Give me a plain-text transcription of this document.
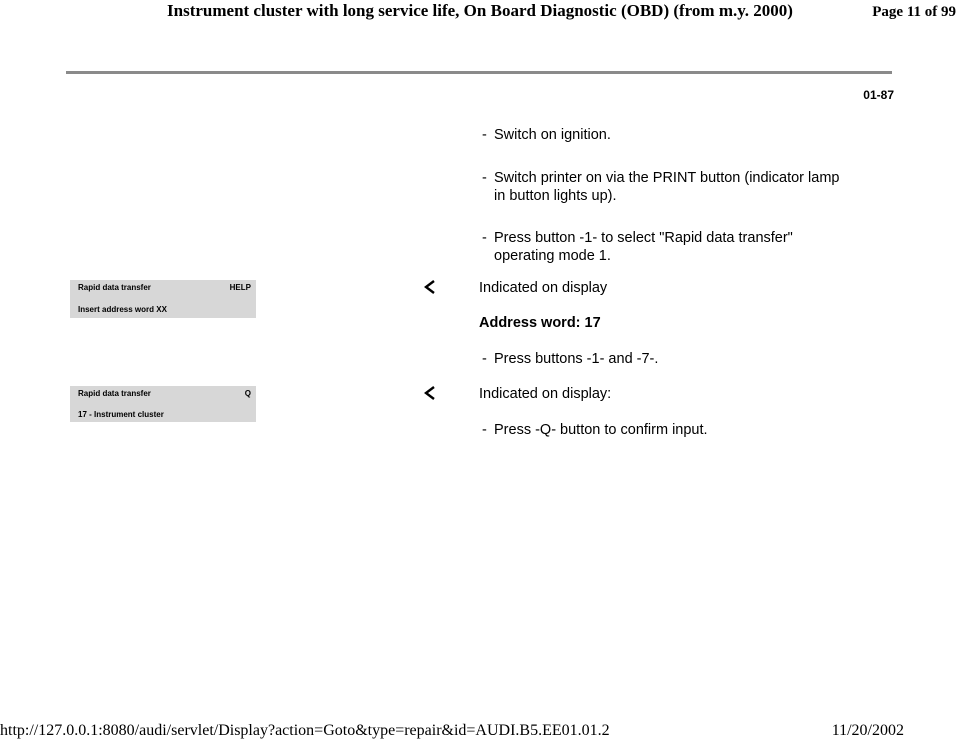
Instrument cluster with long service life, On Board Diagnostic (OBD) (from m.y. 2000)	Page 11 of 99
01-87
- Switch on ignition.
- Switch printer on via the PRINT button (indicator lamp in button lights up).
- Press button -1- to select "Rapid data transfer" operating mode 1.
Rapid data transfer	HELP
Insert address word XX
Indicated on display
Address word: 17
- Press buttons -1- and -7-.
Rapid data transfer	Q
17 - Instrument cluster
Indicated on display:
- Press -Q- button to confirm input.
http://127.0.0.1:8080/audi/servlet/Display?action=Goto&type=repair&id=AUDI.B5.EE01.01.2	11/20/2002
